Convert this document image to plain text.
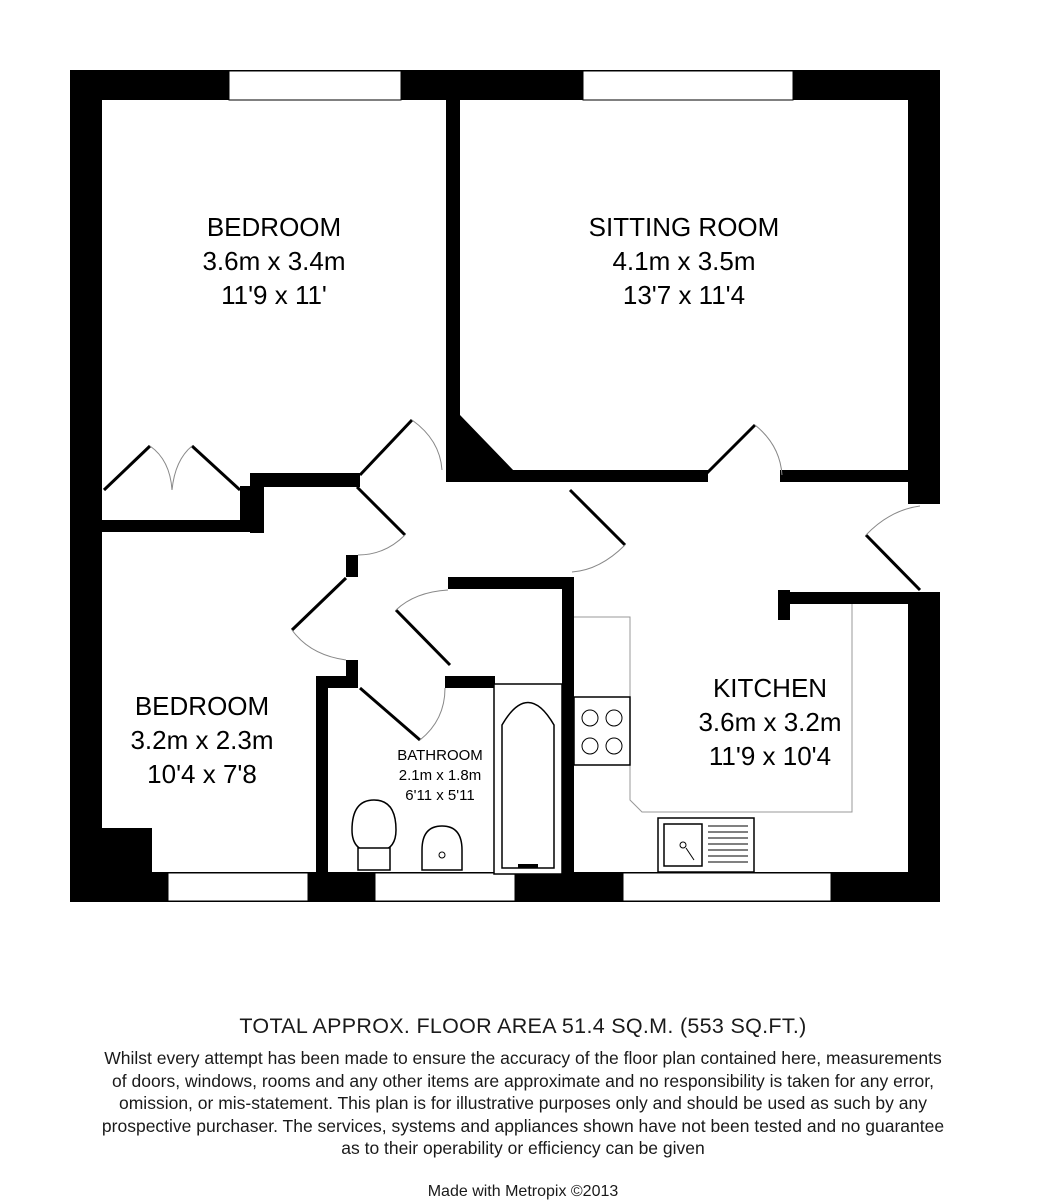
BEDROOM
3.6m x 3.4m
11'9 x 11'
SITTING ROOM
4.1m x 3.5m
13'7 x 11'4
BEDROOM
3.2m x 2.3m
10'4 x 7'8
BATHROOM
2.1m x 1.8m
6'11 x 5'11
KITCHEN
3.6m x 3.2m
11'9 x 10'4
TOTAL APPROX. FLOOR AREA 51.4 SQ.M. (553 SQ.FT.)
Whilst every attempt has been made to ensure the accuracy of the floor plan contained here, measurements
of doors, windows, rooms and any other items are approximate and no responsibility is taken for any error,
omission, or mis-statement. This plan is for illustrative purposes only and should be used as such by any
prospective purchaser. The services, systems and appliances shown have not been tested and no guarantee
as to their operability or efficiency can be given
Made with Metropix ©2013
